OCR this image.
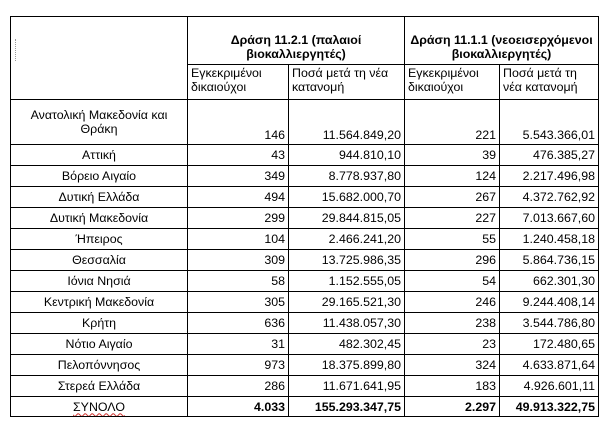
	Δράση 11.2.1 (παλαιοί βιοκαλλιεργητές)		Δράση 11.1.1 (νεοεισερχόμενοι βιοκαλλιεργητές)	
	Εγκεκριμένοι δικαιούχοι	Ποσά μετά τη νέα κατανομή	Εγκεκριμένοι δικαιούχοι	Ποσά μετά τη νέα κατανομή
Ανατολική Μακεδονία και Θράκη	146	11.564.849,20	221	5.543.366,01
Αττική	43	944.810,10	39	476.385,27
Βόρειο Αιγαίο	349	8.778.937,80	124	2.217.496,98
Δυτική Ελλάδα	494	15.682.000,70	267	4.372.762,92
Δυτική Μακεδονία	299	29.844.815,05	227	7.013.667,60
Ήπειρος	104	2.466.241,20	55	1.240.458,18
Θεσσαλία	309	13.725.986,35	296	5.864.736,15
Ιόνια Νησιά	58	1.152.555,05	54	662.301,30
Κεντρική Μακεδονία	305	29.165.521,30	246	9.244.408,14
Κρήτη	636	11.438.057,30	238	3.544.786,80
Νότιο Αιγαίο	31	482.302,45	23	172.480,65
Πελοπόννησος	973	18.375.899,80	324	4.633.871,64
Στερεά Ελλάδα	286	11.671.641,95	183	4.926.601,11
ΣΥΝΟΛΟ	4.033	155.293.347,75	2.297	49.913.322,75
